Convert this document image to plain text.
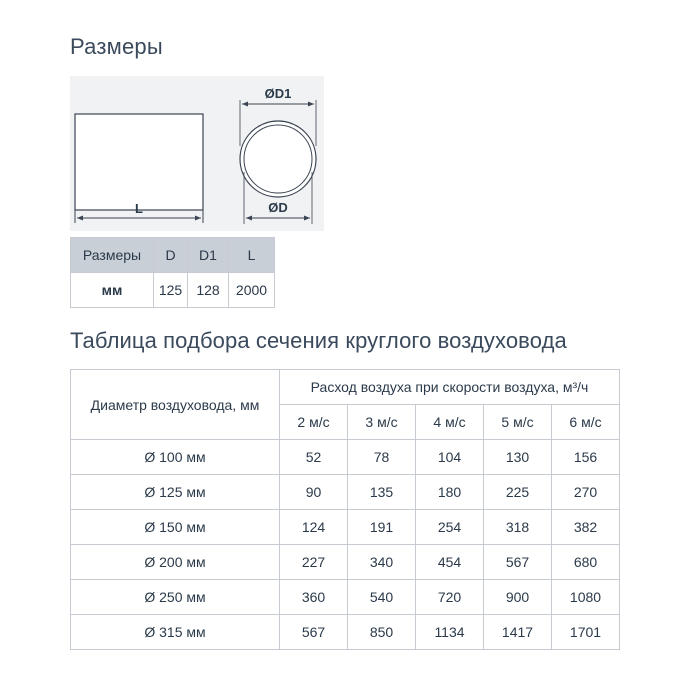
Размеры
L
ØD1
ØD
Размеры	D	D1	L
мм	125	128	2000
Таблица подбора сечения круглого воздуховода
Диаметр воздуховода, мм	Расход воздуха при скорости воздуха, м³/ч				
	2 м/с	3 м/с	4 м/с	5 м/с	6 м/с
Ø 100 мм	52	78	104	130	156
Ø 125 мм	90	135	180	225	270
Ø 150 мм	124	191	254	318	382
Ø 200 мм	227	340	454	567	680
Ø 250 мм	360	540	720	900	1080
Ø 315 мм	567	850	1134	1417	1701
